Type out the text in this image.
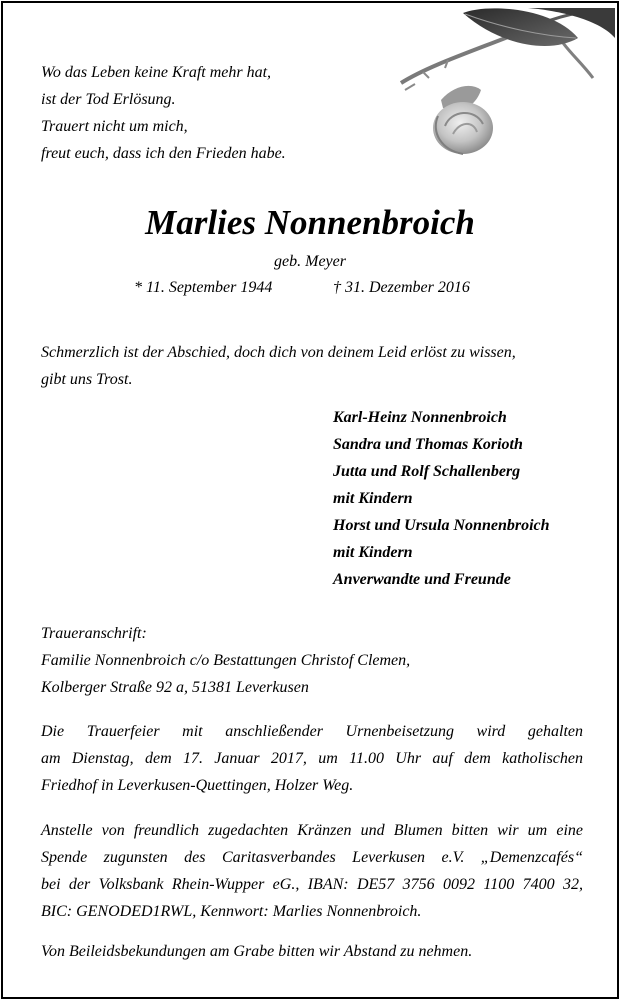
Wo das Leben keine Kraft mehr hat,
ist der Tod Erlösung.
Trauert nicht um mich,
freut euch, dass ich den Frieden habe.
Marlies Nonnenbroich
geb. Meyer
* 11. September 1944	† 31. Dezember 2016
Schmerzlich ist der Abschied, doch dich von deinem Leid erlöst zu wissen,
gibt uns Trost.
Karl-Heinz Nonnenbroich
Sandra und Thomas Korioth
Jutta und Rolf Schallenberg
mit Kindern
Horst und Ursula Nonnenbroich
mit Kindern
Anverwandte und Freunde
Traueranschrift:
Familie Nonnenbroich c/o Bestattungen Christof Clemen,
Kolberger Straße 92 a, 51381 Leverkusen
Die Trauerfeier mit anschließender Urnenbeisetzung wird gehalten
am Dienstag, dem 17. Januar 2017, um 11.00 Uhr auf dem katholischen
Friedhof in Leverkusen-Quettingen, Holzer Weg.
Anstelle von freundlich zugedachten Kränzen und Blumen bitten wir um eine
Spende zugunsten des Caritasverbandes Leverkusen e.V. „Demenzcafés“
bei der Volksbank Rhein-Wupper eG., IBAN: DE57 3756 0092 1100 7400 32,
BIC: GENODED1RWL, Kennwort: Marlies Nonnenbroich.
Von Beileidsbekundungen am Grabe bitten wir Abstand zu nehmen.
